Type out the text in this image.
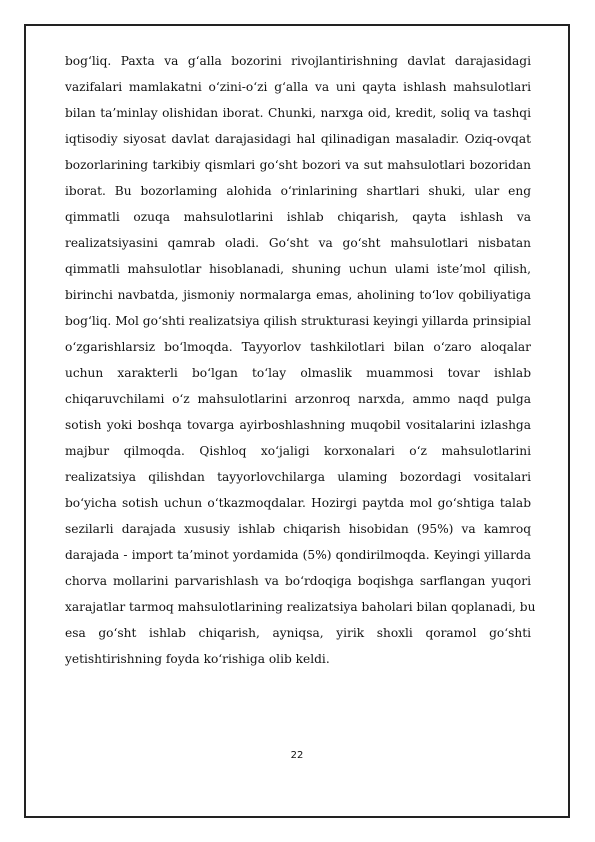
bog‘liq. Paxta va g‘alla bozorini rivojlantirishning davlat darajasidagi
vazifalari mamlakatni o‘zini-o‘zi g‘alla va uni qayta ishlash mahsulotlari
bilan ta’minlay olishidan iborat. Chunki, narxga oid, kredit, soliq va tashqi
iqtisodiy siyosat davlat darajasidagi hal qilinadigan masaladir. Oziq-ovqat
bozorlarining tarkibiy qismlari go‘sht bozori va sut mahsulotlari bozoridan
iborat. Bu bozorlaming alohida o‘rinlarining shartlari shuki, ular eng
qimmatli ozuqa mahsulotlarini ishlab chiqarish, qayta ishlash va
realizatsiyasini qamrab oladi. Go‘sht va go‘sht mahsulotlari nisbatan
qimmatli mahsulotlar hisoblanadi, shuning uchun ulami iste’mol qilish,
birinchi navbatda, jismoniy normalarga emas, aholining to‘lov qobiliyatiga
bog‘liq. Mol go‘shti realizatsiya qilish strukturasi keyingi yillarda prinsipial
o‘zgarishlarsiz bo‘lmoqda. Tayyorlov tashkilotlari bilan o‘zaro aloqalar
uchun xarakterli bo‘lgan to‘lay olmaslik muammosi tovar ishlab
chiqaruvchilami o‘z mahsulotlarini arzonroq narxda, ammo naqd pulga
sotish yoki boshqa tovarga ayirboshlashning muqobil vositalarini izlashga
majbur qilmoqda. Qishloq xo‘jaligi korxonalari o‘z mahsulotlarini
realizatsiya qilishdan tayyorlovchilarga ulaming bozordagi vositalari
bo‘yicha sotish uchun o‘tkazmoqdalar. Hozirgi paytda mol go‘shtiga talab
sezilarli darajada xususiy ishlab chiqarish hisobidan (95%) va kamroq
darajada - import ta’minot yordamida (5%) qondirilmoqda. Keyingi yillarda
chorva mollarini parvarishlash va bo‘rdoqiga boqishga sarflangan yuqori
xarajatlar tarmoq mahsulotlarining realizatsiya baholari bilan qoplanadi, bu
esa go‘sht ishlab chiqarish, ayniqsa, yirik shoxli qoramol go‘shti
yetishtirishning foyda ko‘rishiga olib keldi.
22
